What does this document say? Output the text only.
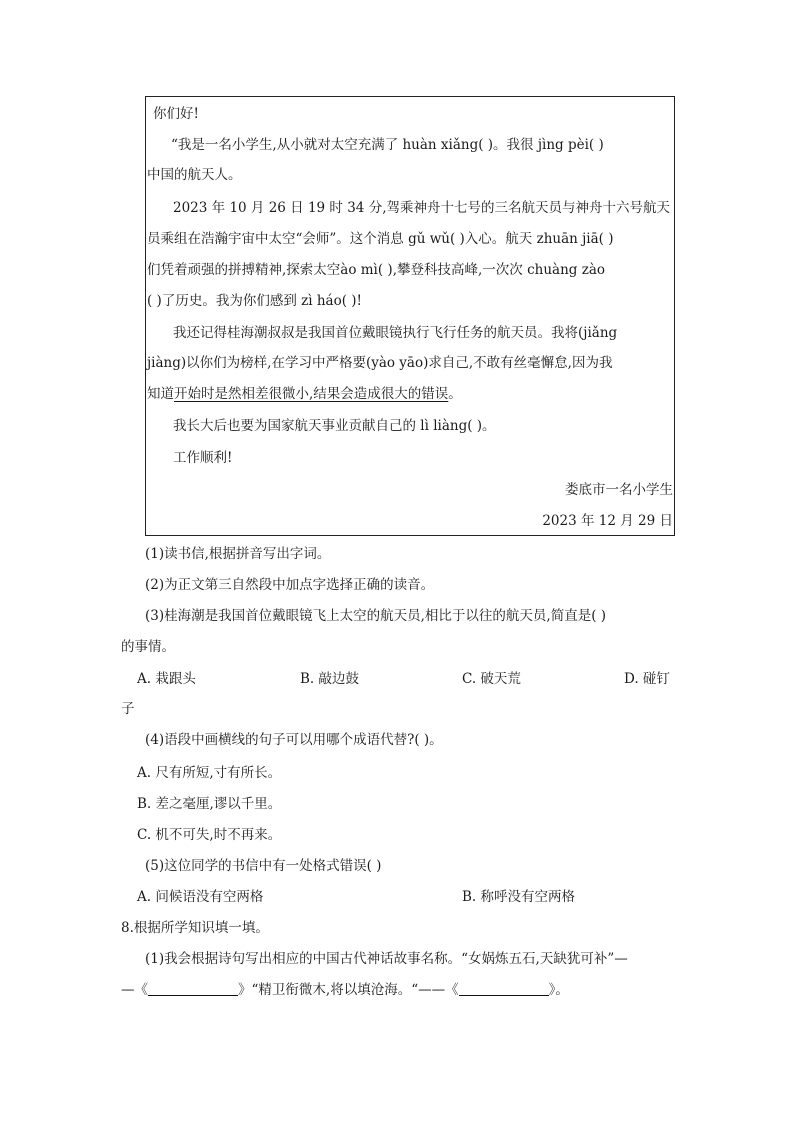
你们好!
“我是一名小学生,从小就对太空充满了 huàn xiǎng( )。我很 jìng pèi( )
中国的航天人。
2023 年 10 月 26 日 19 时 34 分,驾乘神舟十七号的三名航天员与神舟十六号航天
员乘组在浩瀚宇宙中太空“会师”。这个消息 gǔ wǔ( )入心。航天 zhuān jiā( )
们凭着顽强的拼搏精神,探索太空ào mì( ),攀登科技高峰,一次次 chuàng zào
( )了历史。我为你们感到 zì háo( )!
我还记得桂海潮叔叔是我国首位戴眼镜执行飞行任务的航天员。我将(jiǎng
jiàng)以你们为榜样,在学习中严格要(yào yāo)求自己,不敢有丝毫懈怠,因为我
知道开始时是然相差很微小,结果会造成很大的错误。
我长大后也要为国家航天事业贡献自己的 lì liàng( )。
工作顺利!
娄底市一名小学生
2023 年 12 月 29 日
(1)读书信,根据拼音写出字词。
(2)为正文第三自然段中加点字选择正确的读音。
(3)桂海潮是我国首位戴眼镜飞上太空的航天员,相比于以往的航天员,简直是( )
的事情。
A. 栽跟头	B. 敲边鼓	C. 破天荒	D. 碰钉
子
(4)语段中画横线的句子可以用哪个成语代替?( )。
A. 尺有所短,寸有所长。
B. 差之毫厘,谬以千里。
C. 机不可失,时不再来。
(5)这位同学的书信中有一处格式错误( )
A. 问候语没有空两格	B. 称呼没有空两格
8.根据所学知识填一填。
(1)我会根据诗句写出相应的中国古代神话故事名称。“女娲炼五石,天缺犹可补”—
—《	》“精卫衔微木,将以填沧海。“——《	》。
